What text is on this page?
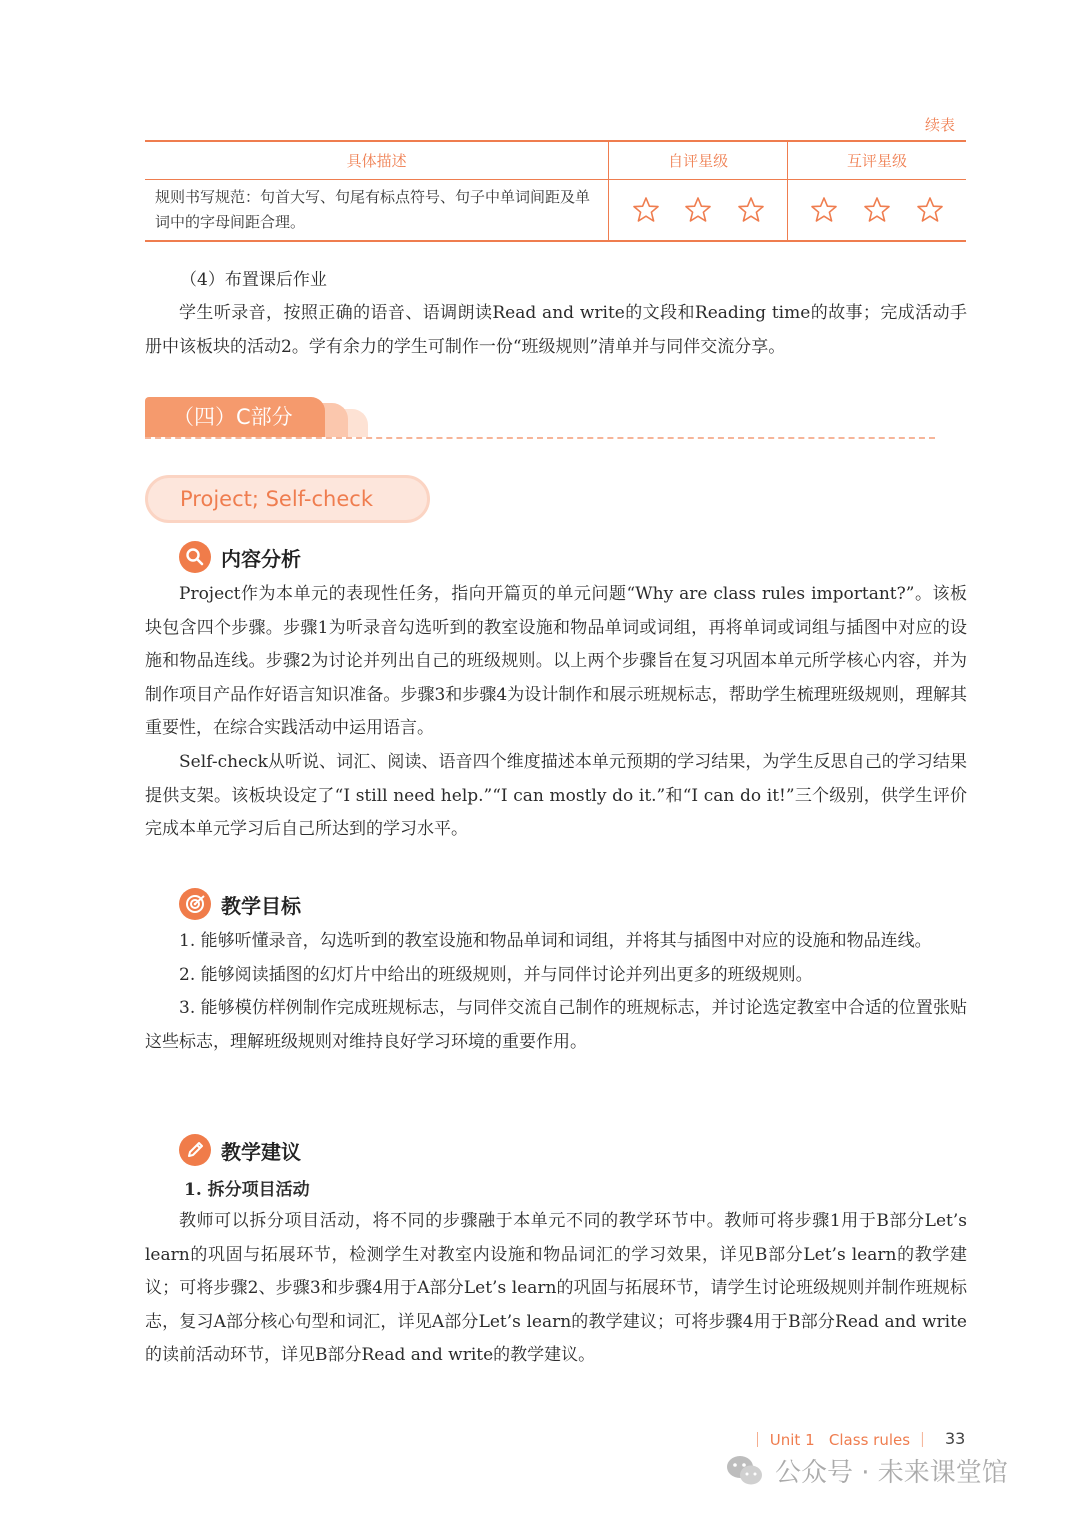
续表
具体描述	自评星级	互评星级
规则书写规范：句首大写、句尾有标点符号、句子中单词间距及单词中的字母间距合理。	

（4）布置课后作业

学生听录音，按照正确的语音、语调朗读Read and write的文段和Reading time的故事；完成活动手册中该板块的活动2。学有余力的学生可制作一份“班级规则”清单并与同伴交流分享。

（四）C部分
Project; Self-check
内容分析

Project作为本单元的表现性任务，指向开篇页的单元问题“Why are class rules important?”。该板块包含四个步骤。步骤1为听录音勾选听到的教室设施和物品单词或词组，再将单词或词组与插图中对应的设施和物品连线。步骤2为讨论并列出自己的班级规则。以上两个步骤旨在复习巩固本单元所学核心内容，并为制作项目产品作好语言知识准备。步骤3和步骤4为设计制作和展示班规标志，帮助学生梳理班级规则，理解其重要性，在综合实践活动中运用语言。

Self-check从听说、词汇、阅读、语音四个维度描述本单元预期的学习结果，为学生反思自己的学习结果提供支架。该板块设定了“I still need help.”“I can mostly do it.”和“I can do it!”三个级别，供学生评价完成本单元学习后自己所达到的学习水平。

教学目标

1. 能够听懂录音，勾选听到的教室设施和物品单词和词组，并将其与插图中对应的设施和物品连线。

2. 能够阅读插图的幻灯片中给出的班级规则，并与同伴讨论并列出更多的班级规则。

3. 能够模仿样例制作完成班规标志，与同伴交流自己制作的班规标志，并讨论选定教室中合适的位置张贴这些标志，理解班级规则对维持良好学习环境的重要作用。

教学建议
1. 拆分项目活动

教师可以拆分项目活动，将不同的步骤融于本单元不同的教学环节中。教师可将步骤1用于B部分Let’s learn的巩固与拓展环节，检测学生对教室内设施和物品词汇的学习效果，详见B部分Let’s learn的教学建议；可将步骤2、步骤3和步骤4用于A部分Let’s learn的巩固与拓展环节，请学生讨论班级规则并制作班规标志，复习A部分核心句型和词汇，详见A部分Let’s learn的教学建议；可将步骤4用于B部分Read and write 的读前活动环节，详见B部分Read and write的教学建议。

｜ Unit 1   Class rules ｜ 33
公众号 · 未来课堂馆
